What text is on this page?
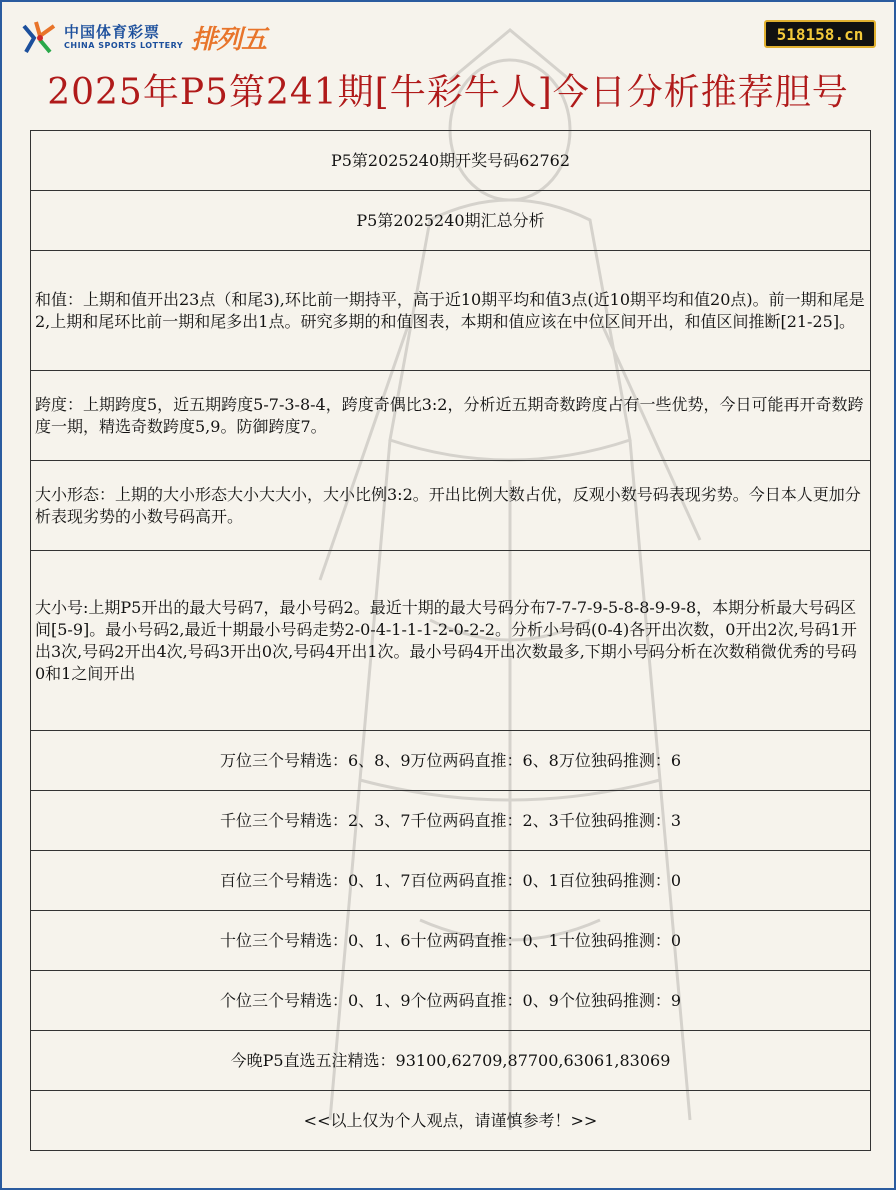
中国体育彩票
CHINA SPORTS LOTTERY 排列五	518158.cn
2025年P5第241期[牛彩牛人]今日分析推荐胆号
P5第2025240期开奖号码62762
P5第2025240期汇总分析
和值：上期和值开出23点（和尾3),环比前一期持平，高于近10期平均和值3点(近10期平均和值20点)。前一期和尾是2,上期和尾环比前一期和尾多出1点。研究多期的和值图表，本期和值应该在中位区间开出，和值区间推断[21-25]。
跨度：上期跨度5，近五期跨度5-7-3-8-4，跨度奇偶比3:2，分析近五期奇数跨度占有一些优势，今日可能再开奇数跨度一期，精选奇数跨度5,9。防御跨度7。
大小形态：上期的大小形态大小大大小，大小比例3:2。开出比例大数占优，反观小数号码表现劣势。今日本人更加分析表现劣势的小数号码高开。
大小号:上期P5开出的最大号码7，最小号码2。最近十期的最大号码分布7-7-7-9-5-8-8-9-9-8，本期分析最大号码区间[5-9]。最小号码2,最近十期最小号码走势2-0-4-1-1-1-2-0-2-2。分析小号码(0-4)各开出次数，0开出2次,号码1开出3次,号码2开出4次,号码3开出0次,号码4开出1次。最小号码4开出次数最多,下期小号码分析在次数稍微优秀的号码0和1之间开出
万位三个号精选：6、8、9万位两码直推：6、8万位独码推测：6
千位三个号精选：2、3、7千位两码直推：2、3千位独码推测：3
百位三个号精选：0、1、7百位两码直推：0、1百位独码推测：0
十位三个号精选：0、1、6十位两码直推：0、1十位独码推测：0
个位三个号精选：0、1、9个位两码直推：0、9个位独码推测：9
今晚P5直选五注精选：93100,62709,87700,63061,83069
<<以上仅为个人观点，请谨慎参考！>>
